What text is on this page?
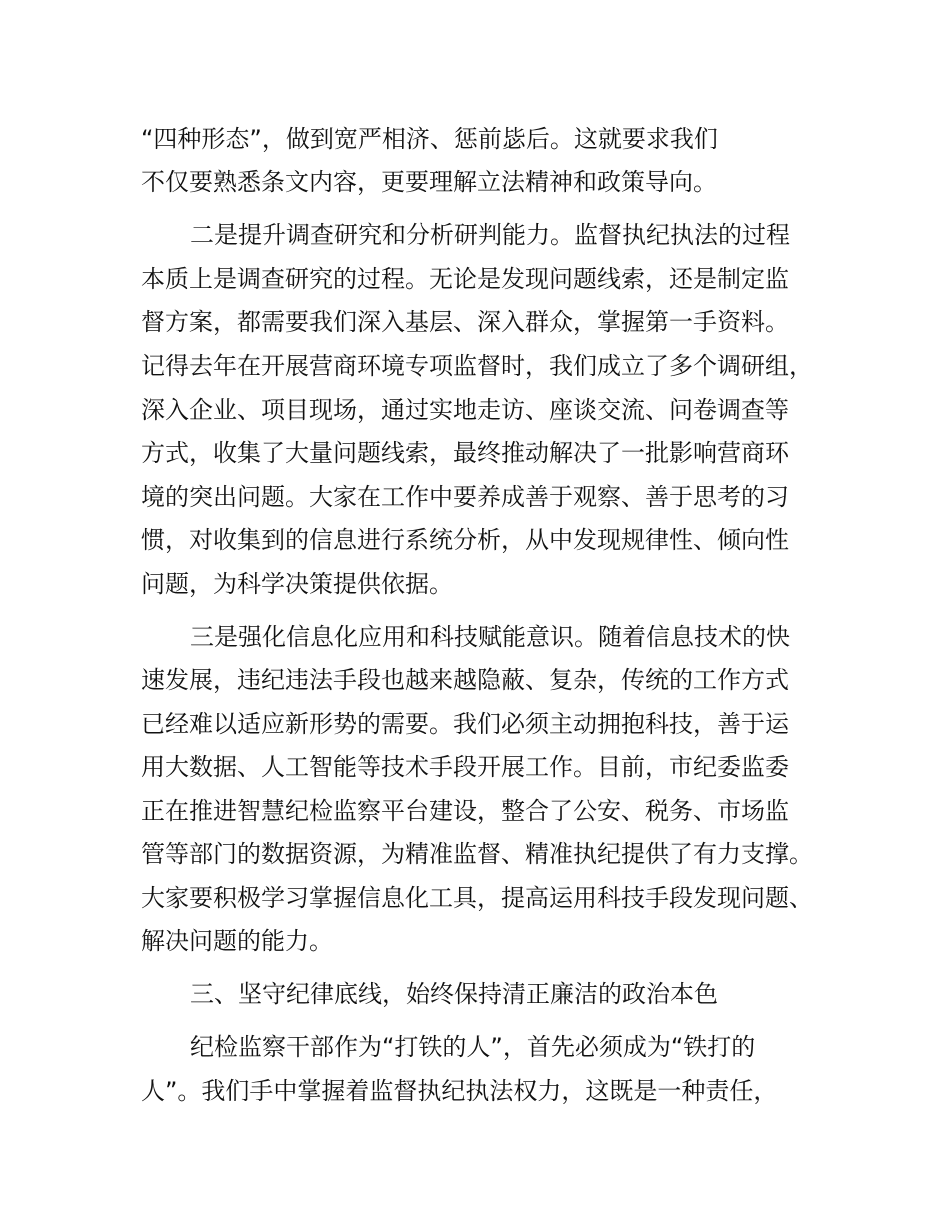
“四种形态”，做到宽严相济、惩前毖后。这就要求我们
不仅要熟悉条文内容，更要理解立法精神和政策导向。
二是提升调查研究和分析研判能力。监督执纪执法的过程
本质上是调查研究的过程。无论是发现问题线索，还是制定监
督方案，都需要我们深入基层、深入群众，掌握第一手资料。
记得去年在开展营商环境专项监督时，我们成立了多个调研组，
深入企业、项目现场，通过实地走访、座谈交流、问卷调查等
方式，收集了大量问题线索，最终推动解决了一批影响营商环
境的突出问题。大家在工作中要养成善于观察、善于思考的习
惯，对收集到的信息进行系统分析，从中发现规律性、倾向性
问题，为科学决策提供依据。
三是强化信息化应用和科技赋能意识。随着信息技术的快
速发展，违纪违法手段也越来越隐蔽、复杂，传统的工作方式
已经难以适应新形势的需要。我们必须主动拥抱科技，善于运
用大数据、人工智能等技术手段开展工作。目前，市纪委监委
正在推进智慧纪检监察平台建设，整合了公安、税务、市场监
管等部门的数据资源，为精准监督、精准执纪提供了有力支撑。
大家要积极学习掌握信息化工具，提高运用科技手段发现问题、
解决问题的能力。
三、坚守纪律底线，始终保持清正廉洁的政治本色
纪检监察干部作为“打铁的人”，首先必须成为“铁打的
人”。我们手中掌握着监督执纪执法权力，这既是一种责任，
